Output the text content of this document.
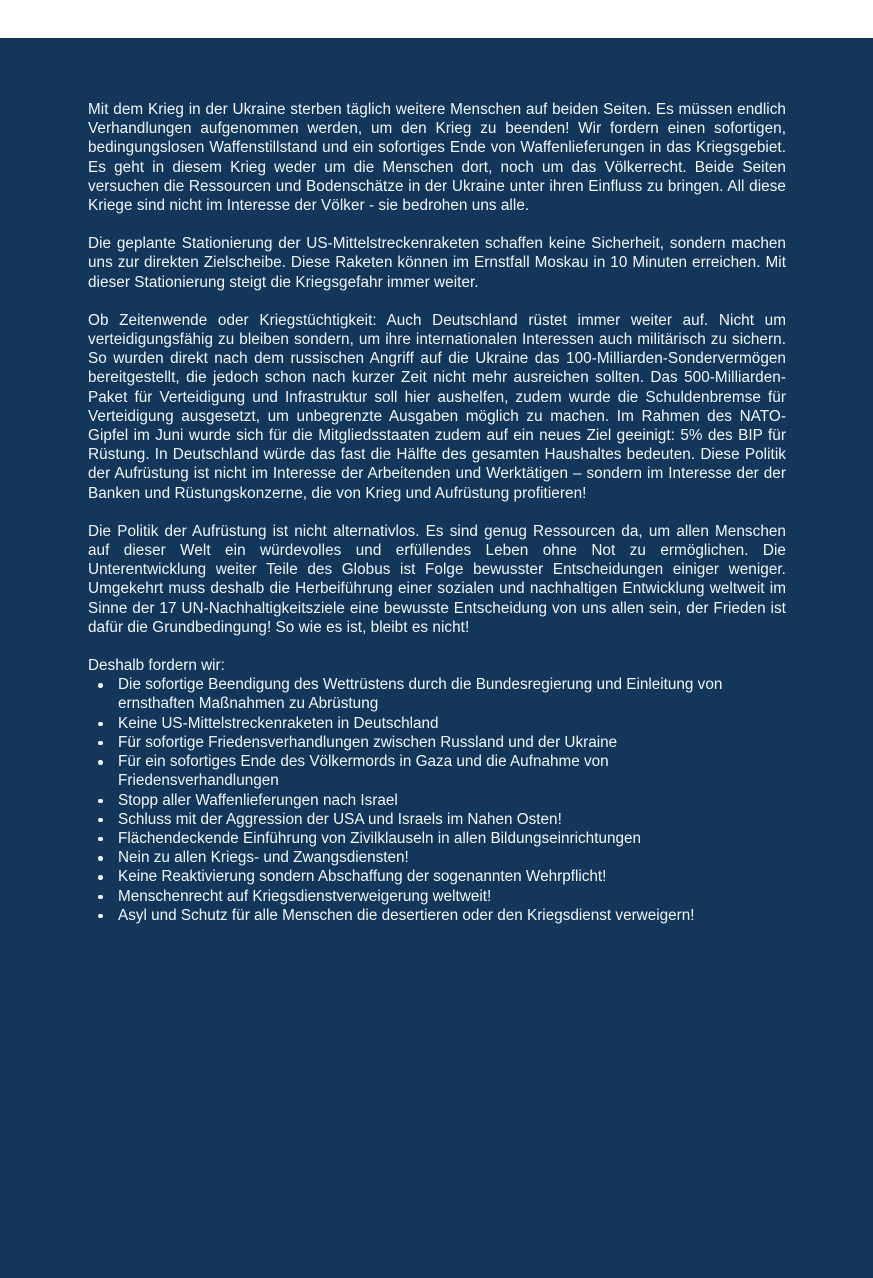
Mit dem Krieg in der Ukraine sterben täglich weitere Menschen auf beiden Seiten. Es müssen endlich Verhandlungen aufgenommen werden, um den Krieg zu beenden! Wir fordern einen sofortigen, bedingungslosen Waffenstillstand und ein sofortiges Ende von Waffenlieferungen in das Kriegsgebiet. Es geht in diesem Krieg weder um die Menschen dort, noch um das Völkerrecht. Beide Seiten versuchen die Ressourcen und Bodenschätze in der Ukraine unter ihren Einfluss zu bringen. All diese Kriege sind nicht im Interesse der Völker - sie bedrohen uns alle.

Die geplante Stationierung der US-Mittelstreckenraketen schaffen keine Sicherheit, sondern machen uns zur direkten Zielscheibe. Diese Raketen können im Ernstfall Moskau in 10 Minuten erreichen. Mit dieser Stationierung steigt die Kriegsgefahr immer weiter.

Ob Zeitenwende oder Kriegstüchtigkeit: Auch Deutschland rüstet immer weiter auf. Nicht um verteidigungsfähig zu bleiben sondern, um ihre internationalen Interessen auch militärisch zu sichern. So wurden direkt nach dem russischen Angriff auf die Ukraine das 100-Milliarden-Sondervermögen bereitgestellt, die jedoch schon nach kurzer Zeit nicht mehr ausreichen sollten. Das 500-Milliarden-Paket für Verteidigung und Infrastruktur soll hier aushelfen, zudem wurde die Schuldenbremse für Verteidigung ausgesetzt, um unbegrenzte Ausgaben möglich zu machen. Im Rahmen des NATO-Gipfel im Juni wurde sich für die Mitgliedsstaaten zudem auf ein neues Ziel geeinigt: 5% des BIP für Rüstung. In Deutschland würde das fast die Hälfte des gesamten Haushaltes bedeuten. Diese Politik der Aufrüstung ist nicht im Interesse der Arbeitenden und Werktätigen – sondern im Interesse der der Banken und Rüstungskonzerne, die von Krieg und Aufrüstung profitieren!

Die Politik der Aufrüstung ist nicht alternativlos. Es sind genug Ressourcen da, um allen Menschen auf dieser Welt ein würdevolles und erfüllendes Leben ohne Not zu ermöglichen. Die Unterentwicklung weiter Teile des Globus ist Folge bewusster Entscheidungen einiger weniger. Umgekehrt muss deshalb die Herbeiführung einer sozialen und nachhaltigen Entwicklung weltweit im Sinne der 17 UN-Nachhaltigkeitsziele eine bewusste Entscheidung von uns allen sein, der Frieden ist dafür die Grundbedingung! So wie es ist, bleibt es nicht!

Deshalb fordern wir:

Die sofortige Beendigung des Wettrüstens durch die Bundesregierung und Einleitung von ernsthaften Maßnahmen zu Abrüstung
Keine US-Mittelstreckenraketen in Deutschland
Für sofortige Friedensverhandlungen zwischen Russland und der Ukraine
Für ein sofortiges Ende des Völkermords in Gaza und die Aufnahme von Friedensverhandlungen
Stopp aller Waffenlieferungen nach Israel
Schluss mit der Aggression der USA und Israels im Nahen Osten!
Flächendeckende Einführung von Zivilklauseln in allen Bildungseinrichtungen
Nein zu allen Kriegs- und Zwangsdiensten!
Keine Reaktivierung sondern Abschaffung der sogenannten Wehrpflicht!
Menschenrecht auf Kriegsdienstverweigerung weltweit!
Asyl und Schutz für alle Menschen die desertieren oder den Kriegsdienst verweigern!
